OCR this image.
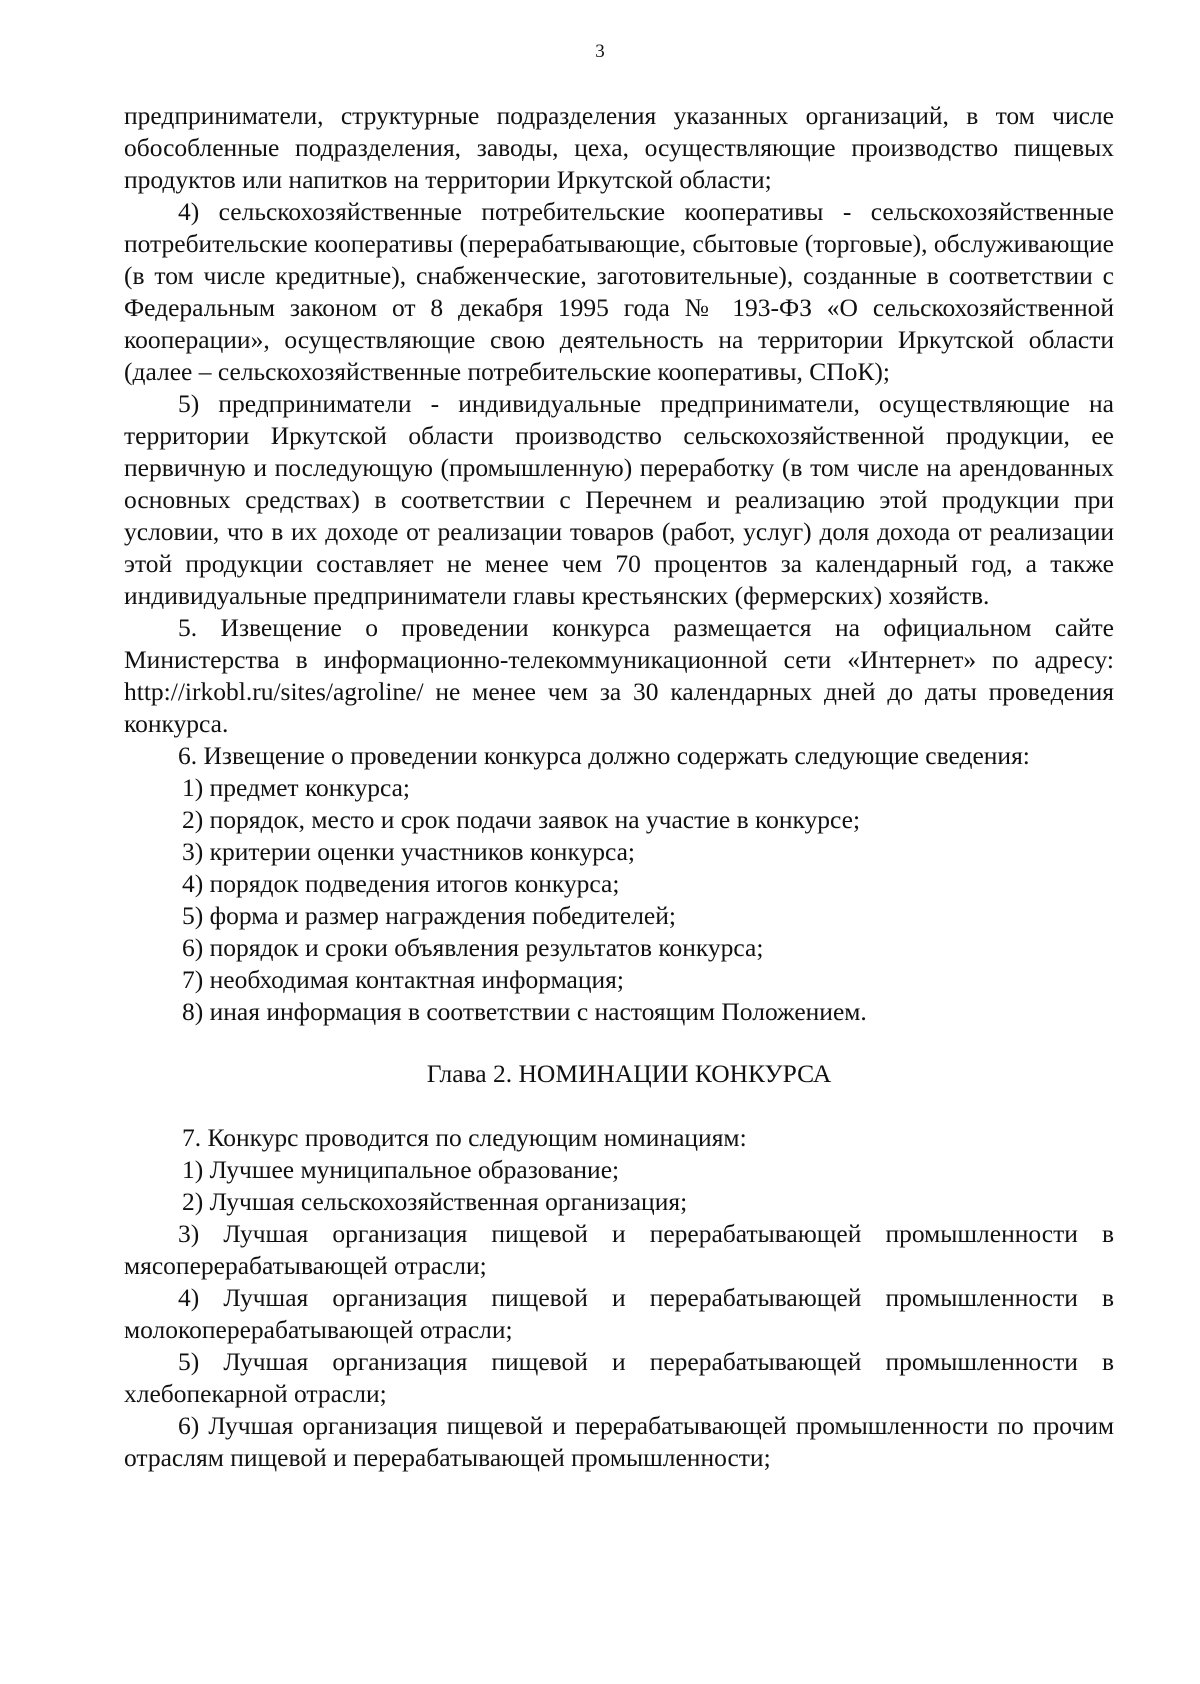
3

предприниматели, структурные подразделения указанных организаций, в том числе обособленные подразделения, заводы, цеха, осуществляющие производство пищевых продуктов или напитков на территории Иркутской области;

4) сельскохозяйственные потребительские кооперативы - сельскохозяйственные потребительские кооперативы (перерабатывающие, сбытовые (торговые), обслуживающие (в том числе кредитные), снабженческие, заготовительные), созданные в соответствии с Федеральным законом от 8 декабря 1995 года № 193-ФЗ «О сельскохозяйственной кооперации», осуществляющие свою деятельность на территории Иркутской области (далее – сельскохозяйственные потребительские кооперативы, СПоК);

5) предприниматели - индивидуальные предприниматели, осуществляющие на территории Иркутской области производство сельскохозяйственной продукции, ее первичную и последующую (промышленную) переработку (в том числе на арендованных основных средствах) в соответствии с Перечнем и реализацию этой продукции при условии, что в их доходе от реализации товаров (работ, услуг) доля дохода от реализации этой продукции составляет не менее чем 70 процентов за календарный год, а также индивидуальные предприниматели главы крестьянских (фермерских) хозяйств.

5. Извещение о проведении конкурса размещается на официальном сайте Министерства в информационно-телекоммуникационной сети «Интернет» по адресу: http://irkobl.ru/sites/agroline/ не менее чем за 30 календарных дней до даты проведения конкурса.

6. Извещение о проведении конкурса должно содержать следующие сведения:

1) предмет конкурса;

2) порядок, место и срок подачи заявок на участие в конкурсе;

3) критерии оценки участников конкурса;

4) порядок подведения итогов конкурса;

5) форма и размер награждения победителей;

6) порядок и сроки объявления результатов конкурса;

7) необходимая контактная информация;

8) иная информация в соответствии с настоящим Положением.

Глава 2. НОМИНАЦИИ КОНКУРСА

7. Конкурс проводится по следующим номинациям:

1) Лучшее муниципальное образование;

2) Лучшая сельскохозяйственная организация;

3) Лучшая организация пищевой и перерабатывающей промышленности в мясоперерабатывающей отрасли;

4) Лучшая организация пищевой и перерабатывающей промышленности в молокоперерабатывающей отрасли;

5) Лучшая организация пищевой и перерабатывающей промышленности в хлебопекарной отрасли;

6) Лучшая организация пищевой и перерабатывающей промышленности по прочим отраслям пищевой и перерабатывающей промышленности;
